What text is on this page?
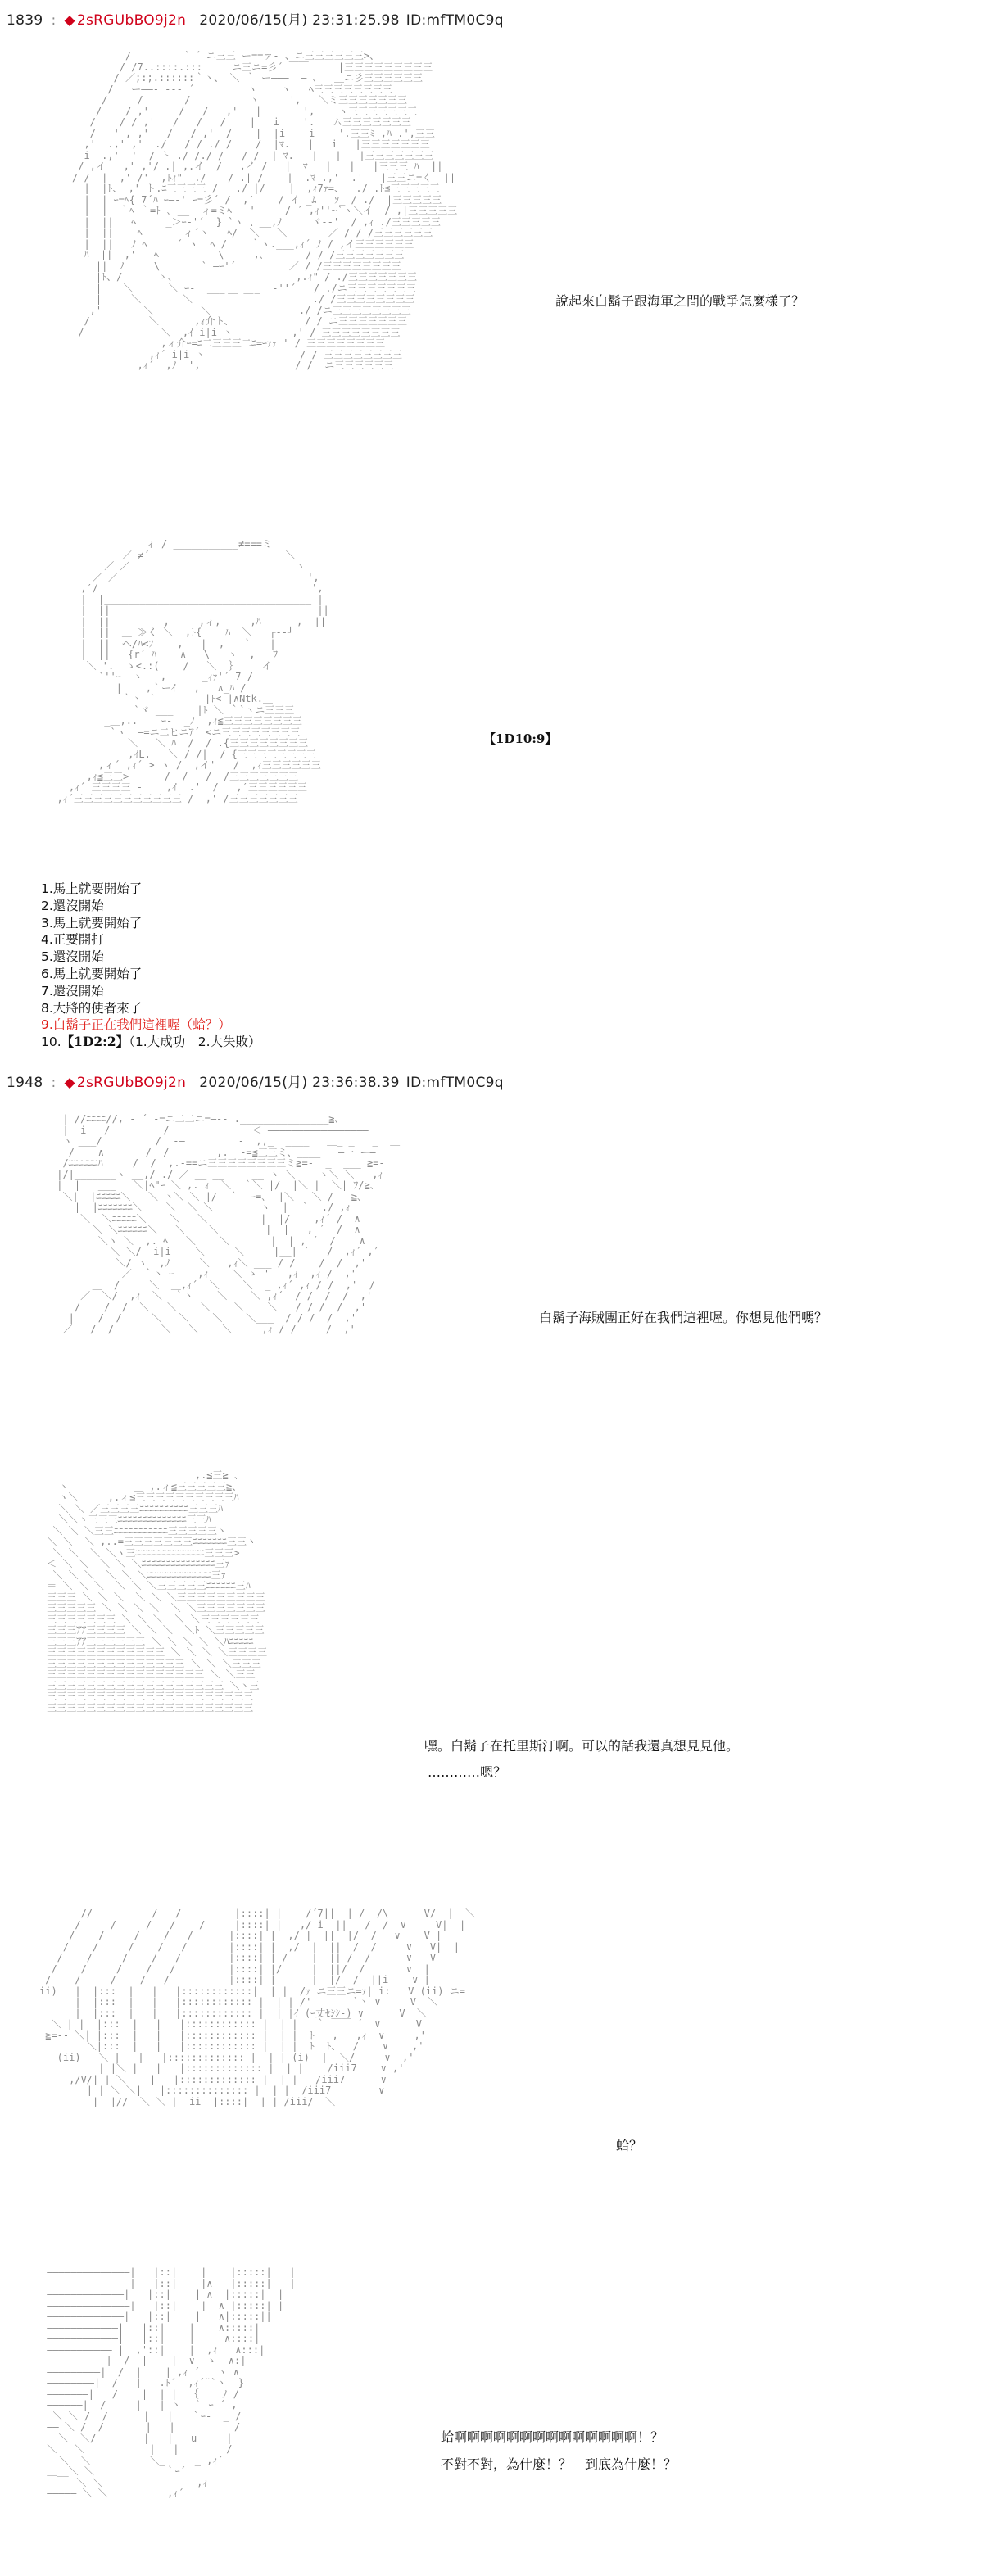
1839 : ◆ 2sRGUbBO9j2n 2020/06/15(月) 23:31:25.98 ID:mfTM0C9q
/  ____   ` ゛ニ三三 ー==ァ- 、ニ三三三三三三>、
/ /7..::::.:::    |ニ三ニ=彡´ ￣￣     |三三三三三三三三三
/ ／;:;.::::::｀ヽ、 ＼ ｀ ー―――  ― 、  ＿ニ彡三三三三三三
/   ー――‐ --‐ ´         ヽ    ヽ   ﾍ三三三三三三三三
/     /       /          ヽ     ',   ＼ミ三三三三三三三
/    / ,'     /   /   ,'   |       ',    ヽ三三三三三三三
/    / / ,'   /   /   /    |   i    '.   ム三三三三三三三
/   ' , ,'   /   / ,'  /    |  |i    i    '.三三ﾐ ,ﾊ .',三三
,'  .,' ,'  ./   / / ./ /    /  |ﾏ.   |   i   |三三三三三三三
i  .,'  '  / ト ./ /./ /   / /  | ﾏ.   |   |   |三三三三三三三
/ ,イ   ,' ,'/ .| ,.イ  /   ,イ /   |  ﾏ   |   |   |三三三 ﾊ  ||
/ /  |  ,' /'  ,ﾄｨ"  ./ 　 / .| /    |  .ﾏ .,'  .'   |三三ニ=く  ||
|  |ﾄ、 ,' ト.ﾆ三三三三 /   ./ |/    |  ,ｨ7ｧ=、  ./ .ﾄ≦三三三三三
|  | ｰ=ﾍ{ 7´ﾊ ｰ―‐' ｰ=彡´ /  ,′    / イ _ﾑ   ｿ_ / ./  |三三三三三
|  |  ｀ﾍ ｀=ﾄ ､ __  ィ=ミﾍ   '     / ´ ,ｨ''~`ヽ＼イ  / ,|三三三三三
|  ||   ﾍ     _＞ｰ-'´  } `ヽ 、__,ﾉ     ヾ-‐'  / ,ｨ ./三三三三三
|  ||    ﾍ       ィ´ヽ   ﾍ/  ＼   ＼______ ／ / / /三三三三三三
|  ||   ﾉ ﾍ     ´ ヽ  ﾍ /    ｀ヽ.___,ｨ´ ﾉ / ,イ三三三三三三
ﾊ  ||  ,'   ﾍ          \     ,､       / / /三三三三三三三
||  ﾉ     \       ` ―ｰ'´         ／ / /三三三三三三三三
|ﾄ、/      ゝ、                    ,.ｨ" / ./三三三三三三三
|  ￣＼      ＼ ｰ-  ___     _  ‐''´   / ./ニ三三三三三三三
|     ＼       ＼      ￣ ￣          ./ /三三三三三三三三
,'       ＼        ＼               ./ /ニ三三三三三三三三
/          ＼      ,ｨ介ト、            / / ニ三三三三三三三
/             ＼  ,ｲ i|i ヽ          ,' / 三三三三三三三三
,ィ介ｰ=ﾆ二三三三二ﾆ=ｰｧｪ ' / 三三三三三三三三
,ｨ´ i|i ヽ                / / 三三三三三三三三
,ｨ´  ,ﾉ  ',                / /  ニ三三三三三三

說起來白鬍子跟海軍之間的戰爭怎麼樣了？
ィ / ___________≠===ミ
／ ≠´                       ＼
／ ／                            ヽ
／ ／                                ',
,′/                                    ',
|  |___________________________________ |
|  ||                                   ||
|  ||   ____  ,  _  ,ィ,  ___,ﾊ___ __,  ||
|  ||  ＿ ≫く ＼  ,ﾄ{    ﾊ  ＼   ┌‐‐┘
|  ||  ヘ/ﾊ<ﾌ    ,   |  ,   ｀   |
|  ||   {r´ ﾊ    ∧   \   ヽ  ,   ﾌ
＼ '.  ゝ<.:(    /   ＼  ｝    イ
`''ｰ- ヽ   ,      _ｨｧ'´ 7 /
|    ,｀ーｲ   ,   ∧_ﾊ /
｀ヽ ｀-       |ﾄ< |∧Ntk.＿_
`ヾ ___    |ﾄ ＼ ｀`ヽニ三三三
_＿,..    ｰ-  _ﾉ  ,ｨ≦三三三三三三三三
`ヽ  ―=ニ二ヒニｱ´ <ニ三三三三三三三三
＼   ＼ ﾊ  /  / .{三三三三三三三三
,ｲL.   ＼ / /|  / {三三三三三三三三
,ィ´ ,ｨ´ > ヽ /  ,イ'   /  ,ｨ三三三三三三
,ｨ≦三三>      /  /   /  /三三三三三三三
,ｨ´ 三三三三 -    ,ｲ  .'  /   ,′三三三三三三
,ｨ´三三三三三三三三三三三 /  ,' /三三三三三三三

【1D10:9】
1.馬上就要開始了
2.還沒開始
3.馬上就要開始了
4.正要開打
5.還沒開始
6.馬上就要開始了
7.還沒開始
8.大將的使者來了
9.白鬍子正在我們這裡喔（蛤？）
10.【1D2:2】（1.大成功　2.大失敗）
1948 : ◆ 2sRGUbBO9j2n 2020/06/15(月) 23:36:38.39 ID:mfTM0C9q
| //ﾆﾆﾆﾆ//, - ´ -=ニ二二ニ=―‐- ._______________≧､
|  i   /         /              ＜ ―――――――――――――――――
ヽ ___/         /  -―         -  ,,_  ____   ＿_ _   _  ＿
/    ∧       /  /        ,.  -=≦三三ミ、____   ―一 ー―
/ﾆﾆﾆﾆﾆﾆﾊ     /  /  ,.-==ニ三三三三三三三三ミ≧=-  _  ___ ≧=-
|/|_______ヽ __,/ ./ ／ __ __ ＿  __ ヽ ＼    ヽ＼ ＼   ,ｨ ＿
|  |   ___   ＼|ﾍ"ｰ ＼ ,. ｨ  ＼  ｀＼ |/  |＼ |  ＼| ﾌ/≧､
＼|  |ﾆﾆﾆﾆﾆ＼   ＼ ヽ＼ ＼ |/  ｀  ｰ=､  |＼_  ＼ /   ≧､
|  |ﾆﾆﾆﾆﾆﾆﾆ＼    ＼  ＼ ＼        ヽ  |  ｀  ./ ,ｨ
＼  ＼ﾆﾆﾆﾆﾆ＼    ＼   ＼         |  |/    ,ｨ´ /  ∧
＼ ＼ﾆﾆﾆﾆﾆﾆ＼   ＼    ＼        |  |   , ´  /  ∧
＼ヽ ＼  ,. ﾍ   ＼    ＼       |  | , ´  /    ∧
＼ ＼/  i|i    ＼     ＼     |__| ´   /  ,ｨ´ ,′
＼/ ヽ  ,ﾉ     ＼   ,ｨ＼ ___ / /    /  /  ,'
／  ｀ヽ ｰ-   ,ｨ    ＼ ゝ-'   ,ｨ  ,ｨ /  ,'
＿  /     ＼  ＿,ｨ´  ＼    ＼  _ ,ｨ´ ,ｨ / /  ,'  /
／  ＼/  ,ｨ  ＼  ｀ヽ    ＼    ＼ ,ｨ´  / /  /  /  ,'
/    /  /  ＼   ＼    ＼    ＼    ＼   / / /  /  ,'
|    /  /     ＼   ＼    ＼    ＼___  / / /  /  ,'
／   /  /        ＼   ＼    ＼     ,ｨ / /     /  ,'

白鬍子海賊團正好在我們這裡喔。你想見他們嗎？
,.≦三≧ ､
ヽ           ＿ ,.ィ≦三三三三三≧、
ヽ＼     ,.ィ≦三三三三三三三三三三ﾊ
＼ ＼ ／三三三三ﾆﾆﾆﾆﾆﾆﾆﾆﾆﾆ三三三ﾊ
＼＼ヽ三三三ﾆﾆﾆﾆﾆﾆﾆﾆﾆﾆﾆﾆﾆﾆ三三ﾊ
＼ ＼ ＼三三ﾆﾆﾆﾆﾆﾆﾆﾆﾆﾆﾆ三三三三三ヽ
＼ ＼  ＼ ,..=三三三三三三三ﾆﾆﾆﾆﾆﾆﾆ三三ヽ
＼ ＼  ＼ ＼ヽ三ﾆﾆﾆﾆﾆﾆﾆﾆﾆﾆﾆﾆﾆﾆ三三三>
＜ ＼ ＼  ＼ ＼ ＼ﾆﾆﾆﾆﾆﾆﾆﾆﾆﾆﾆﾆﾆﾆﾆ三ｧ
＼ ＼ ＼  ＼ ＼ ＼ﾆﾆﾆﾆﾆﾆﾆﾆﾆﾆﾆﾆﾆ三ｧ
＝ ＼ ＼ ＼  ＼ ＼ ＼三三三三三ﾆﾆﾆﾆﾆﾆ三ﾊ
三三三 ＼ ＼ ＼  ＼ ＼ ＼三三三三三三三三三
三三三三三 ＼ ＼ ＼ ＼  ＼ ＼三三三三三三三
三三三三三三三 ＼ ＼ ＼  ＼ ＼三三三三三三
三三三ｱｱ三三三三 ＼ ＼ ＼  ＼ﾄ ＼三三三三三
三三三ｱｱ三三三三三三 ＼ ＼ ＼ ＼ ＼ﾊﾆﾆﾆﾆﾆ
三三三三三三三三三三三三 ＼ ＼ ＼ ＼三三三三
三三三三三三三三三三三三三三 ＼ ＼ ＼三三三
三三三三三三三三三三三三三三三三 ＼ ＼三三
三三三三三三三三三三三三三三三三三三 ＼ヽ三
三三三三三三三三三三三三三三三三三三三三三
三三三三三三三三三三三三三三三三三三三三三

嘿。白鬍子在托里斯汀啊。可以的話我還真想見見他。
…………嗯？
//          /   /         |::::| |    /´7||  | /  /\      V/  |  ＼
/     /     /   /    /     |::::| |   ,/ i  || | /  /  ∨     V|  |
/    /     /    /   /      |::::| |  ,/ |  ||  |/  /   ∨    V |
/    /     /    /   /       |::::| |  ,/  |  ||  /  /     ∨   V|  |
/    /     /    /   /        |::::| | /    |  || /  /      ∨   V
/    /     /    /   /         |::::| |/     |  ||/  /       ∨  |
/    /     /    /   /          |::::| |      |  |/  /  ||i    ∨ |
ii) | |  |:::  |   |   |::::::::::::|  | |  /ｧ ニ三三ニ=ｧ| i:   V (ii) ニ=
| |  |:::  |   |   |:::::::::::: |  | | /'       `ヽ ∨     V  ＼
| |  |:::  |   |   |:::::::::::: |  | |ｲ (ｰ丈ｾｼｼ-) ∨      V  ＼
＼ | |  |:::  |   |   |:::::::::::: |  | |   ｀ ￣￣ ´  ∨      V
≧=-- ＼| |:::  |   |   |:::::::::::: |  | |  ﾄ   ,   ,ｨ  ∨     ,'
＼|:::  |   |   |:::::::::::: |  | |  ﾄ  ﾄ、  /    ∨    ,'
(ii)   ＼ |   |   |::::::::::::: |  | | (i)  |  ＼/     ∨  ,'
| |＼ |   |   |::::::::::::: |  | |    /iii7    ∨ ,'
,/V/| | ＼|   |   |::::::::::::: |  | |   /iii7      ∨
|   | | ＼ ＼|   |:::::::::::::: |  | |  /iii7        ∨
|  |//  ＼ ＼ |  ii  |::::|  | | /iii/  ＼

蛤？
――――――――――――――|   |::|    |    |:::::|   |
――――――――――――――|   |::|    |∧   |:::::|   |
―――――――――――――|   |::|    | ∧  |:::::|  |
――――――――――――――|   |::|    |  ∧ |:::::| |
―――――――――――――|   |::|    |   ∧|:::::||
――――――――――――|   |::|    |    ∧:::::|
――――――――――――|   |::|    |     ∧::::|
――――――――――― |  ,'::|    |  ,ｨ   ∧:::|
――――――――――|  /  |    |  ∨  ゝ- ∧:|
―――――――――|  /  |    | ,ｨ ´   ヽ ∧
――――――――|  /   |   .ﾄ´  ,ｨ´¨`ヽ  }
―――――――|   /    |  | |  ｛    ﾉ /
――――――|  /     |   | ヽ  ｀ ｰ ´ ,
＼ ＼ /  /      |   |   ｀ｰ-  _ /
―― ＼ /  /       |   |          /
＼  ＼/        |   |   u     |
＼   ＼           |   |        /
＼  ＼          ＼_ |   _ ,ｨ´
＿__＼ ＼            ｀ｰ´
＼ ＼                ,ｨ
――――― ＼ ＼          ,ｨ´

蛤啊啊啊啊啊啊啊啊啊啊啊啊啊啊！？
不對不對，為什麼！？　到底為什麼！？
